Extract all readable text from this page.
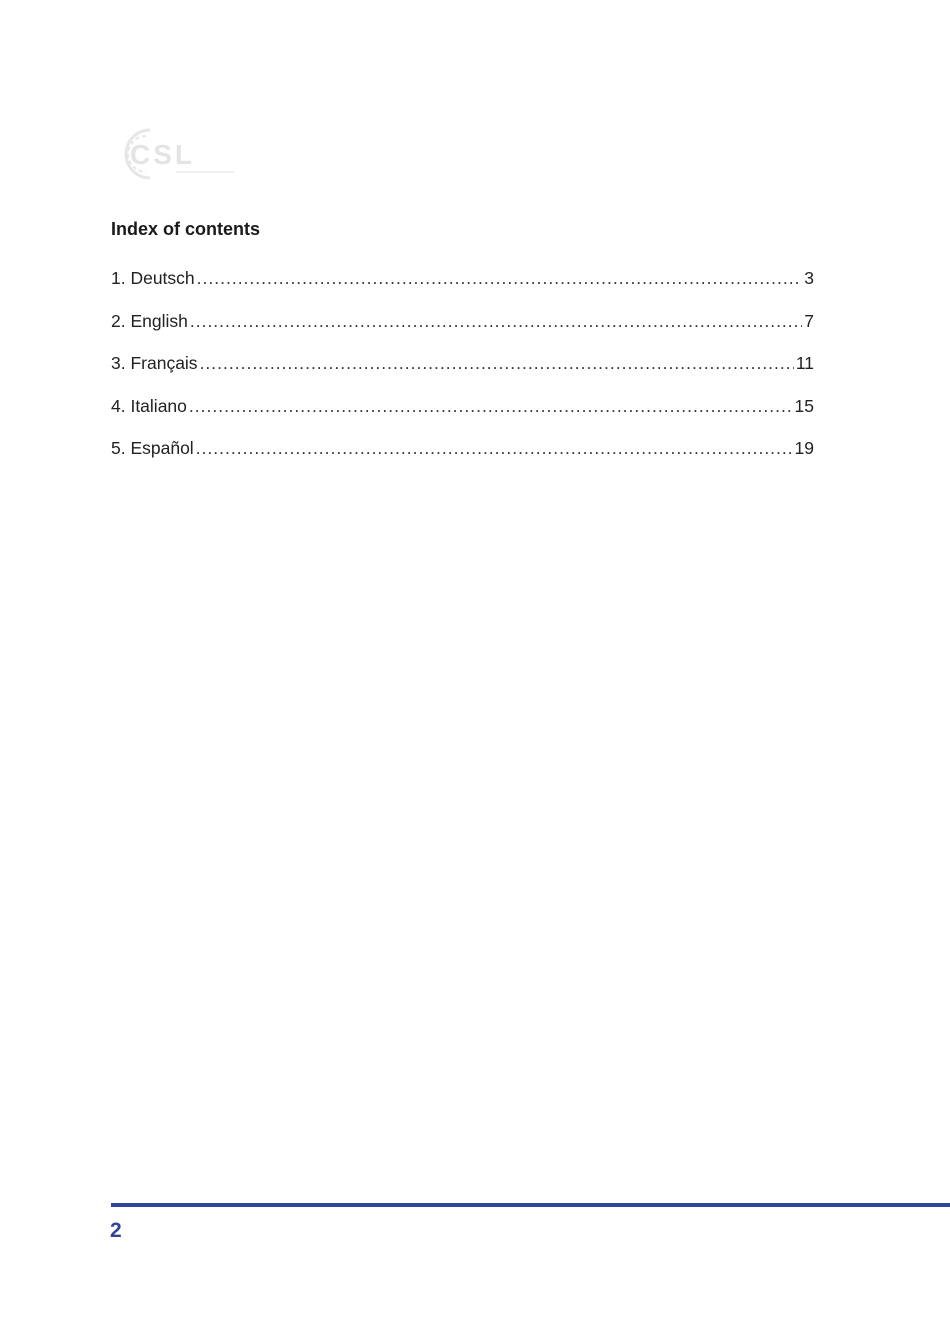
CSL
Index of contents
1. Deutsch .....	3
2. English .....	7
3. Français .....	11
4. Italiano .....	15
5. Español .....	19

2
